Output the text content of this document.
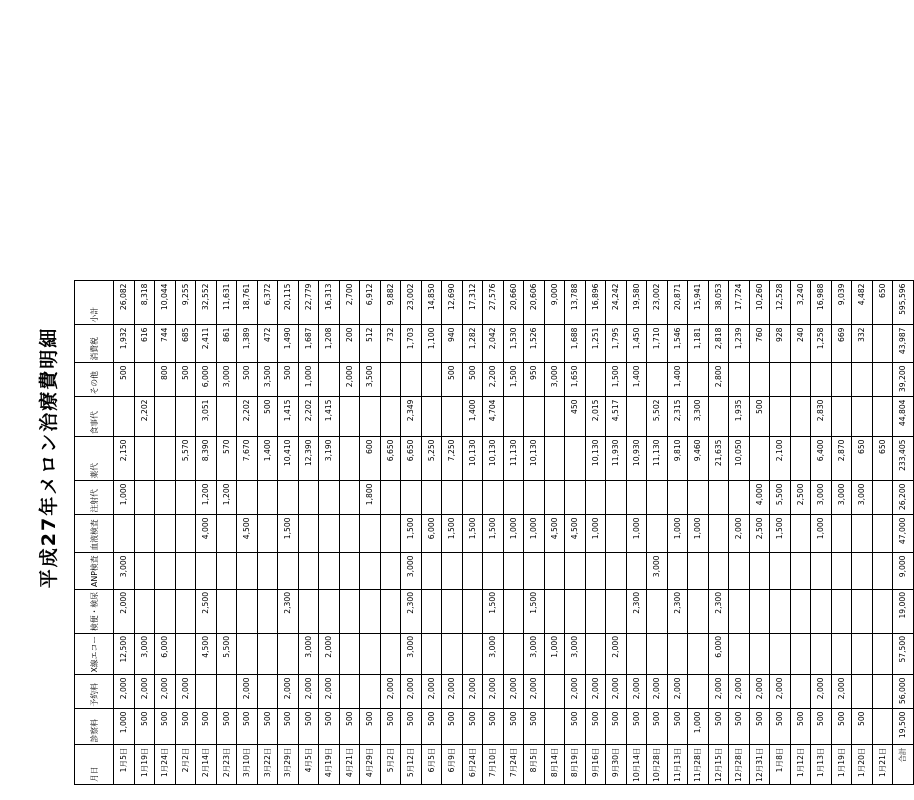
平成27年メロン治療費明細
月日	診察料	予約料	X線エコー	検便・検尿	ANP検査	血液検査	注射代	薬代	食事代	その他	消費税	小計
1月5日	1,000	2,000	12,500	2,000	3,000		1,000	2,150		500	1,932	26,082
1月19日	500	2,000	3,000						2,202		616	8,318
1月24日	500	2,000	6,000							800	744	10,044
2月2日	500	2,000						5,570		500	685	9,255
2月14日	500		4,500	2,500		4,000	1,200	8,390	3,051	6,000	2,411	32,552
2月23日	500		5,500				1,200	570		3,000	861	11,631
3月10日	500	2,000				4,500		7,670	2,202	500	1,389	18,761
3月22日	500							1,400	500	3,500	472	6,372
3月29日	500	2,000		2,300		1,500		10,410	1,415	500	1,490	20,115
4月5日	500	2,000	3,000					12,390	2,202	1,000	1,687	22,779
4月19日	500	2,000	2,000					3,190	1,415		1,208	16,313
4月21日	500									2,000	200	2,700
4月29日	500						1,800	600		3,500	512	6,912
5月2日	500	2,000						6,650			732	9,882
5月12日	500	2,000	3,000	2,300	3,000	1,500		6,650	2,349		1,703	23,002
6月5日	500	2,000				6,000		5,250			1,100	14,850
6月9日	500	2,000				1,500		7,250		500	940	12,690
6月24日	500	2,000				1,500		10,130	1,400	500	1,282	17,312
7月10日	500	2,000	3,000	1,500		1,500		10,130	4,704	2,200	2,042	27,576
7月24日	500	2,000				1,000		11,130		1,500	1,530	20,660
8月5日	500	2,000	3,000	1,500		1,000		10,130		950	1,526	20,606
8月14日			1,000			4,500				3,000		9,000
8月19日	500	2,000	3,000			4,500			450	1,650	1,688	13,788
9月16日	500	2,000				1,000		10,130	2,015		1,251	16,896
9月30日	500	2,000	2,000					11,930	4,517	1,500	1,795	24,242
10月14日	500	2,000		2,300		1,000		10,930		1,400	1,450	19,580
10月28日	500	2,000			3,000			11,130	5,502		1,710	23,002
11月13日	500	2,000		2,300		1,000		9,810	2,315	1,400	1,546	20,871
11月28日	1,000					1,000		9,460	3,300		1,181	15,941
12月15日	500	2,000	6,000	2,300				21,635		2,800	2,818	38,053
12月28日	500	2,000				2,000		10,050	1,935		1,239	17,724
12月31日	500	2,000				2,500	4,000		500		760	10,260
1月8日	500	2,000				1,500	5,500	2,100			928	12,528
1月12日	500						2,500				240	3,240
1月13日	500	2,000				1,000	3,000	6,400	2,830		1,258	16,988
1月19日	500	2,000					3,000	2,870			669	9,039
1月20日	500						3,000	650			332	4,482
1月21日								650				650
合計	19,500	56,000	57,500	19,000	9,000	47,000	26,200	233,405	44,804	39,200	43,987	595,596
